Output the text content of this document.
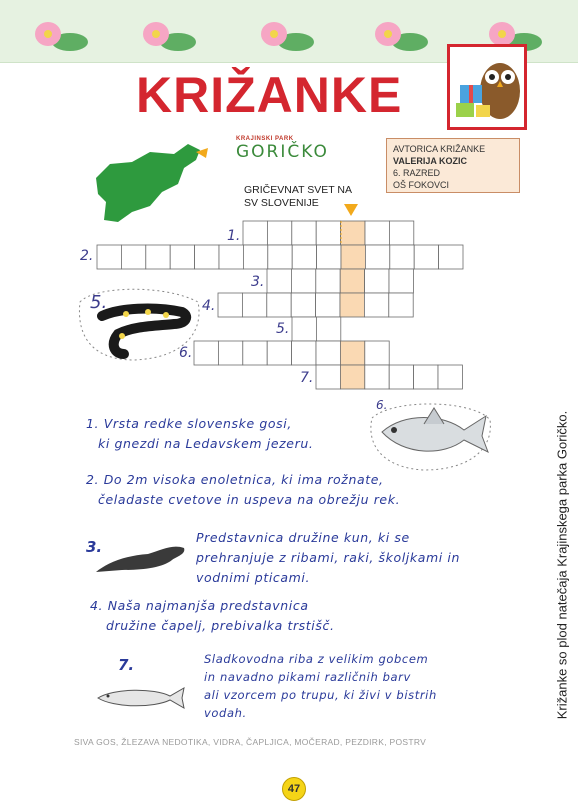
KRIŽANKE
KRAJINSKI PARK
GORIČKO	AVTORICA KRIŽANKE
VALERIJA KOZIC
6. RAZRED
OŠ FOKOVCI
GRIČEVNAT SVET NA
SV SLOVENIJE
2.
1.
3.
4.
5.
6.
7.
5.
6.
1. Vrsta redke slovenske gosi,
ki gnezdi na Ledavskem jezeru.
2. Do 2m visoka enoletnica, ki ima rožnate,
čeladaste cvetove in uspeva na obrežju rek.
3.
Predstavnica družine kun, ki se
prehranjuje z ribami, raki, školjkami in
vodnimi pticami.
4. Naša najmanjša predstavnica
družine čapelj, prebivalka trstišč.
7.	Sladkovodna riba z velikim gobcem
in navadno pikami različnih barv
ali vzorcem po trupu, ki živi v bistrih
vodah.
SIVA GOS, ŽLEZAVA NEDOTIKA, VIDRA, ČAPLJICA, MOČERAD, PEZDIRK, POSTRV
47
Križanke so plod natečaja Krajinskega parka Goričko.
